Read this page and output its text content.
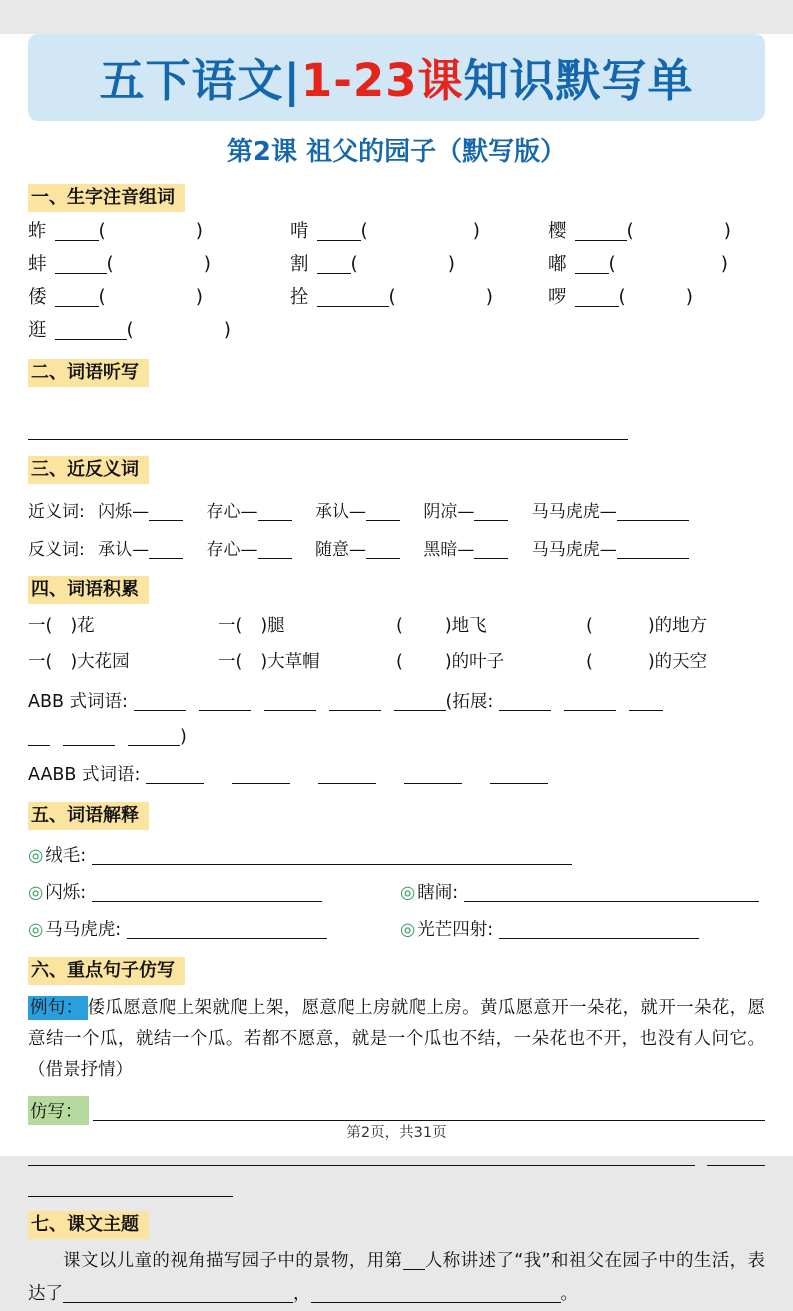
五下语文|1-23课知识默写单
第2课 祖父的园子（默写版）
一、生字注音组词
蚱	(	)	啃	(	)	樱	(	)
蚌	(	)	割 (	)	嘟 (	)
倭	(	)	拴	(	)	啰	(	)
逛	(	)
二、词语听写
三、近反义词
近义词: 闪烁—	存心—	承认—	阴凉—	马马虎虎—
反义词: 承认—	存心—	随意—	黑暗—	马马虎虎—
四、词语积累
一( )花	一( )腿	( )地飞	(	)的地方
一( )大花园	一( )大草帽	( )的叶子	(	)的天空
ABB 式词语:	(拓展:
)
AABB 式词语:
五、词语解释
◎ 绒毛:
◎ 闪烁:	◎ 瞎闹:
◎ 马马虎虎:	◎ 光芒四射:
六、重点句子仿写

例句： 倭瓜愿意爬上架就爬上架，愿意爬上房就爬上房。黄瓜愿意开一朵花，就开一朵花，愿意结一个瓜，就结一个瓜。若都不愿意，就是一个瓜也不结，一朵花也不开，也没有人问它。（借景抒情）

仿写：
七、课文主题

课文以儿童的视角描写园子中的景物，用第 人称讲述了“我”和祖父在园子中的生活，表达了	，	。

第2页，共31页
